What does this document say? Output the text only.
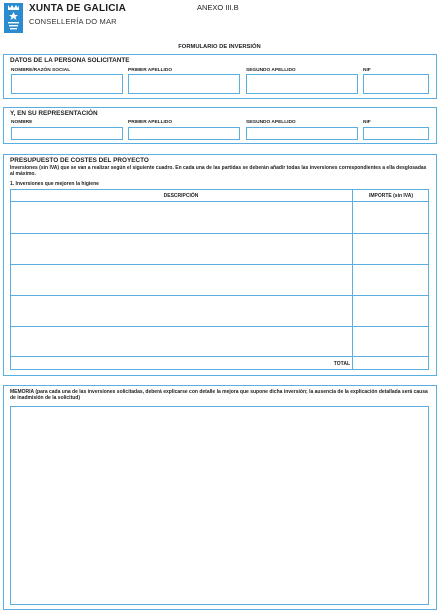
XUNTA DE GALICIA
CONSELLERÍA DO MAR
ANEXO III.B
FORMULARIO DE INVERSIÓN
DATOS DE LA PERSONA SOLICITANTE
NOMBRE/RAZÓN SOCIAL	PRIMER APELLIDO	SEGUNDO APELLIDO	NIF
Y, EN SU REPRESENTACIÓN
NOMBRE	PRIMER APELLIDO	SEGUNDO APELLIDO	NIF
PRESUPUESTO DE COSTES DEL PROYECTO
Inversiones (sin IVA) que se van a realizar según el siguiente cuadro. En cada una de las partidas se deberán añadir todas las inversiones correspondientes a ella desglosadas al máximo.
1. Inversiones que mejoren la higiene
DESCRIPCIÓN	IMPORTE (sin IVA)
TOTAL
MEMORIA (para cada una de las inversiones solicitadas, deberá explicarse con detalle la mejora que supone dicha inversión; la ausencia de la explicación detallada será causa de inadmisión de la solicitud)
